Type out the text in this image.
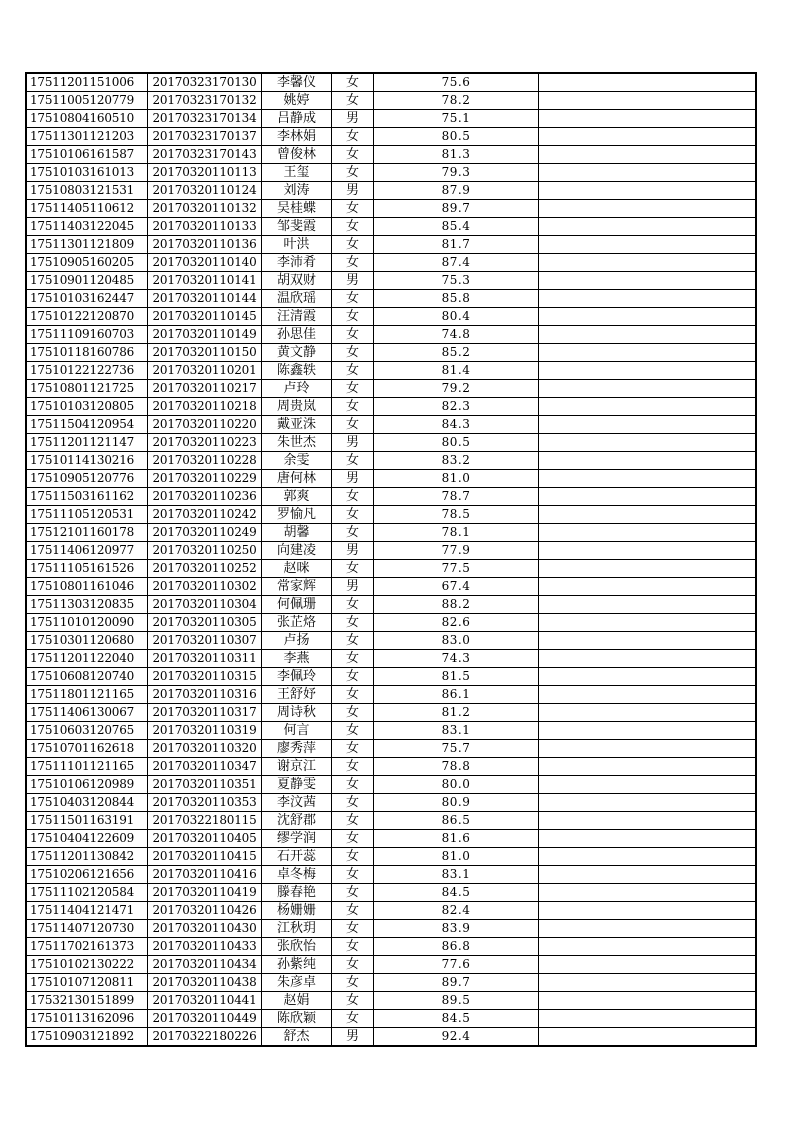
17511201151006	20170323170130	李馨仪	女	75.6	
17511005120779	20170323170132	姚婷	女	78.2	
17510804160510	20170323170134	吕静成	男	75.1	
17511301121203	20170323170137	李林娟	女	80.5	
17510106161587	20170323170143	曾俊林	女	81.3	
17510103161013	20170320110113	王玺	女	79.3	
17510803121531	20170320110124	刘涛	男	87.9	
17511405110612	20170320110132	吴桂蝶	女	89.7	
17511403122045	20170320110133	邹斐霞	女	85.4	
17511301121809	20170320110136	叶洪	女	81.7	
17510905160205	20170320110140	李沛肴	女	87.4	
17510901120485	20170320110141	胡双财	男	75.3	
17510103162447	20170320110144	温欣瑶	女	85.8	
17510122120870	20170320110145	汪清霞	女	80.4	
17511109160703	20170320110149	孙思佳	女	74.8	
17510118160786	20170320110150	黄文静	女	85.2	
17510122122736	20170320110201	陈鑫轶	女	81.4	
17510801121725	20170320110217	卢玲	女	79.2	
17510103120805	20170320110218	周贵岚	女	82.3	
17511504120954	20170320110220	戴亚洙	女	84.3	
17511201121147	20170320110223	朱世杰	男	80.5	
17510114130216	20170320110228	余雯	女	83.2	
17510905120776	20170320110229	唐何林	男	81.0	
17511503161162	20170320110236	郭爽	女	78.7	
17511105120531	20170320110242	罗愉凡	女	78.5	
17512101160178	20170320110249	胡馨	女	78.1	
17511406120977	20170320110250	向建凌	男	77.9	
17511105161526	20170320110252	赵咪	女	77.5	
17510801161046	20170320110302	常家辉	男	67.4	
17511303120835	20170320110304	何佩珊	女	88.2	
17511010120090	20170320110305	张芷烙	女	82.6	
17510301120680	20170320110307	卢扬	女	83.0	
17511201122040	20170320110311	李燕	女	74.3	
17510608120740	20170320110315	李佩玲	女	81.5	
17511801121165	20170320110316	王舒妤	女	86.1	
17511406130067	20170320110317	周诗秋	女	81.2	
17510603120765	20170320110319	何言	女	83.1	
17510701162618	20170320110320	廖秀萍	女	75.7	
17511101121165	20170320110347	谢京江	女	78.8	
17510106120989	20170320110351	夏静雯	女	80.0	
17510403120844	20170320110353	李汶茜	女	80.9	
17511501163191	20170322180115	沈舒郡	女	86.5	
17510404122609	20170320110405	缪学润	女	81.6	
17511201130842	20170320110415	石开蕊	女	81.0	
17510206121656	20170320110416	卓冬梅	女	83.1	
17511102120584	20170320110419	滕春艳	女	84.5	
17511404121471	20170320110426	杨姗姗	女	82.4	
17511407120730	20170320110430	江秋玥	女	83.9	
17511702161373	20170320110433	张欣怡	女	86.8	
17510102130222	20170320110434	孙紫纯	女	77.6	
17510107120811	20170320110438	朱彦卓	女	89.7	
17532130151899	20170320110441	赵娟	女	89.5	
17510113162096	20170320110449	陈欣颖	女	84.5	
17510903121892	20170322180226	舒杰	男	92.4	
